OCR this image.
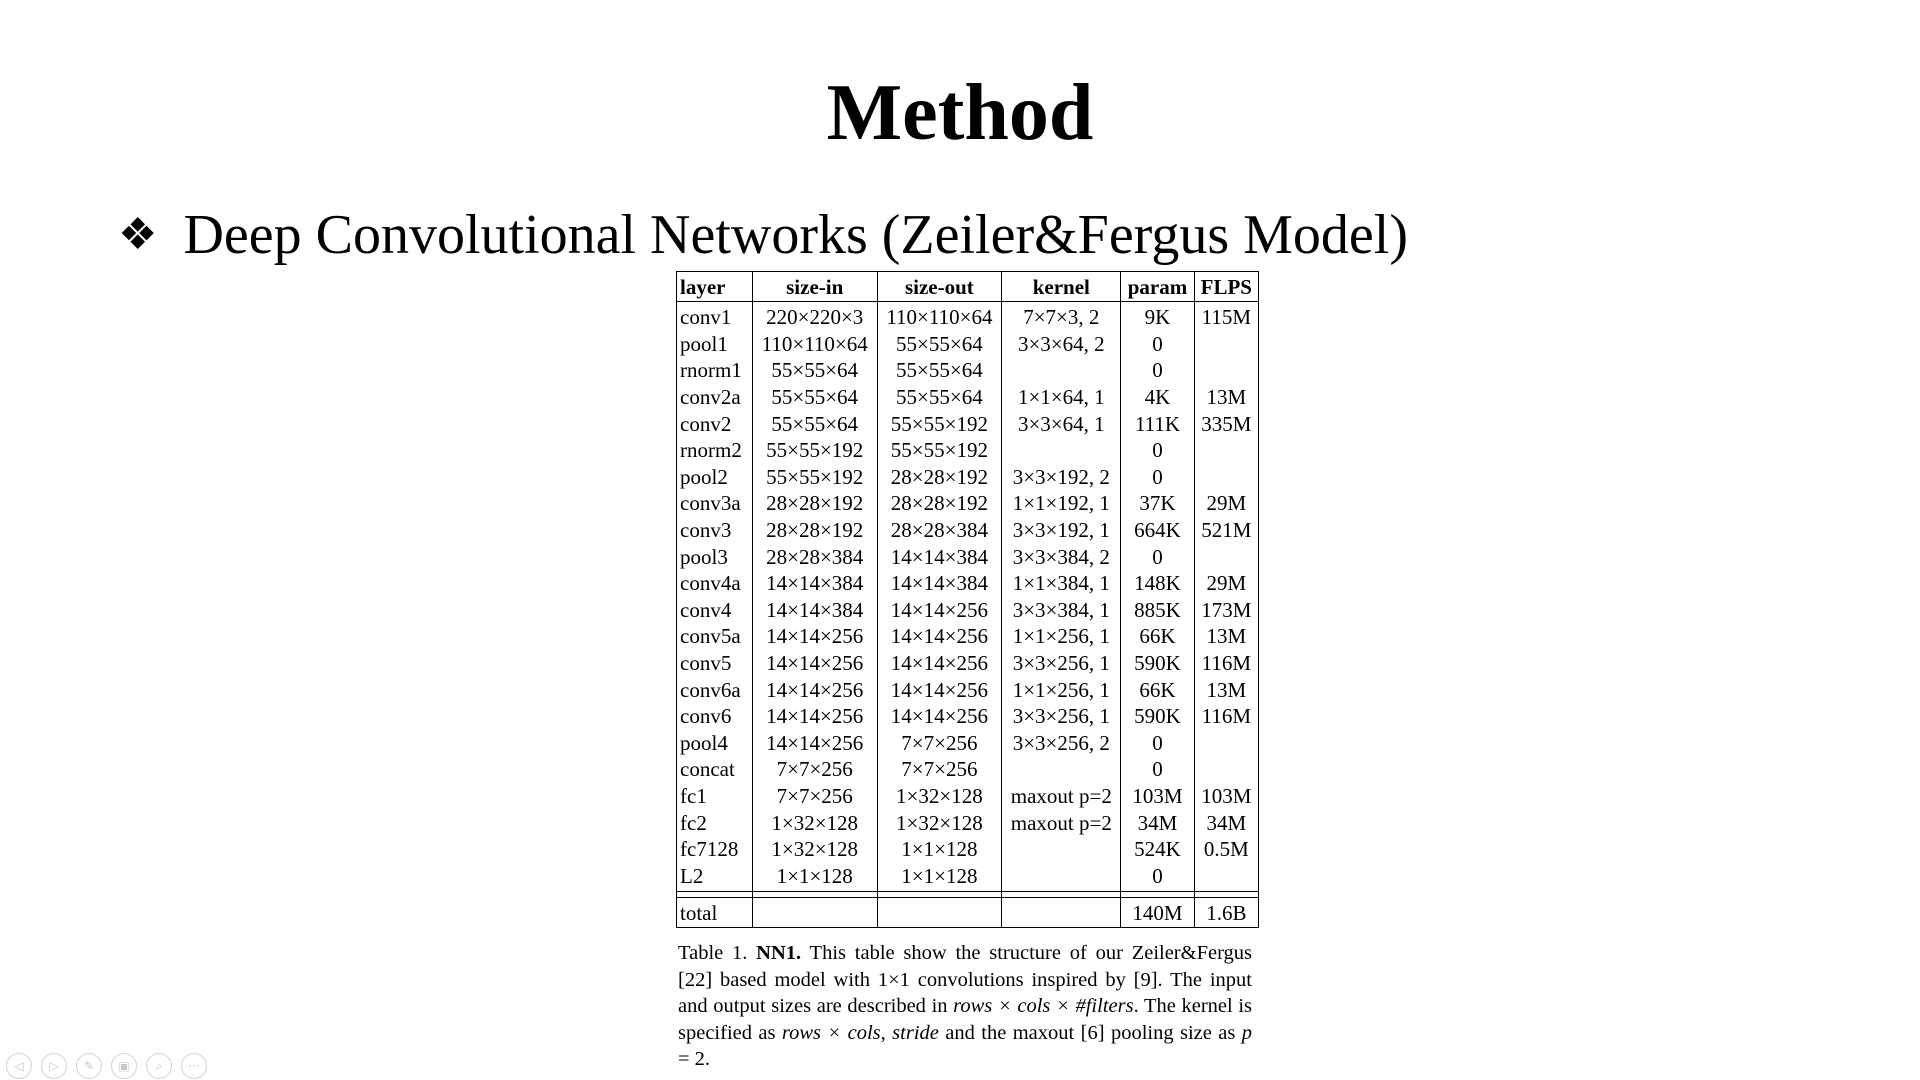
Method
❖ Deep Convolutional Networks (Zeiler&Fergus Model)
layer	size-in	size-out	kernel	param	FLPS
conv1	220×220×3	110×110×64	7×7×3, 2	9K	115M
pool1	110×110×64	55×55×64	3×3×64, 2	0	
rnorm1	55×55×64	55×55×64		0	
conv2a	55×55×64	55×55×64	1×1×64, 1	4K	13M
conv2	55×55×64	55×55×192	3×3×64, 1	111K	335M
rnorm2	55×55×192	55×55×192		0	
pool2	55×55×192	28×28×192	3×3×192, 2	0	
conv3a	28×28×192	28×28×192	1×1×192, 1	37K	29M
conv3	28×28×192	28×28×384	3×3×192, 1	664K	521M
pool3	28×28×384	14×14×384	3×3×384, 2	0	
conv4a	14×14×384	14×14×384	1×1×384, 1	148K	29M
conv4	14×14×384	14×14×256	3×3×384, 1	885K	173M
conv5a	14×14×256	14×14×256	1×1×256, 1	66K	13M
conv5	14×14×256	14×14×256	3×3×256, 1	590K	116M
conv6a	14×14×256	14×14×256	1×1×256, 1	66K	13M
conv6	14×14×256	14×14×256	3×3×256, 1	590K	116M
pool4	14×14×256	7×7×256	3×3×256, 2	0	
concat	7×7×256	7×7×256		0	
fc1	7×7×256	1×32×128	maxout p=2	103M	103M
fc2	1×32×128	1×32×128	maxout p=2	34M	34M
fc7128	1×32×128	1×1×128		524K	0.5M
L2	1×1×128	1×1×128		0	

total				140M	1.6B
Table 1. NN1. This table show the structure of our Zeiler&Fergus [22] based model with 1×1 convolutions inspired by [9]. The input and output sizes are described in rows × cols × #filters. The kernel is specified as rows × cols, stride and the maxout [6] pooling size as p = 2.
◁	▷	✎	▣	⌕	···
